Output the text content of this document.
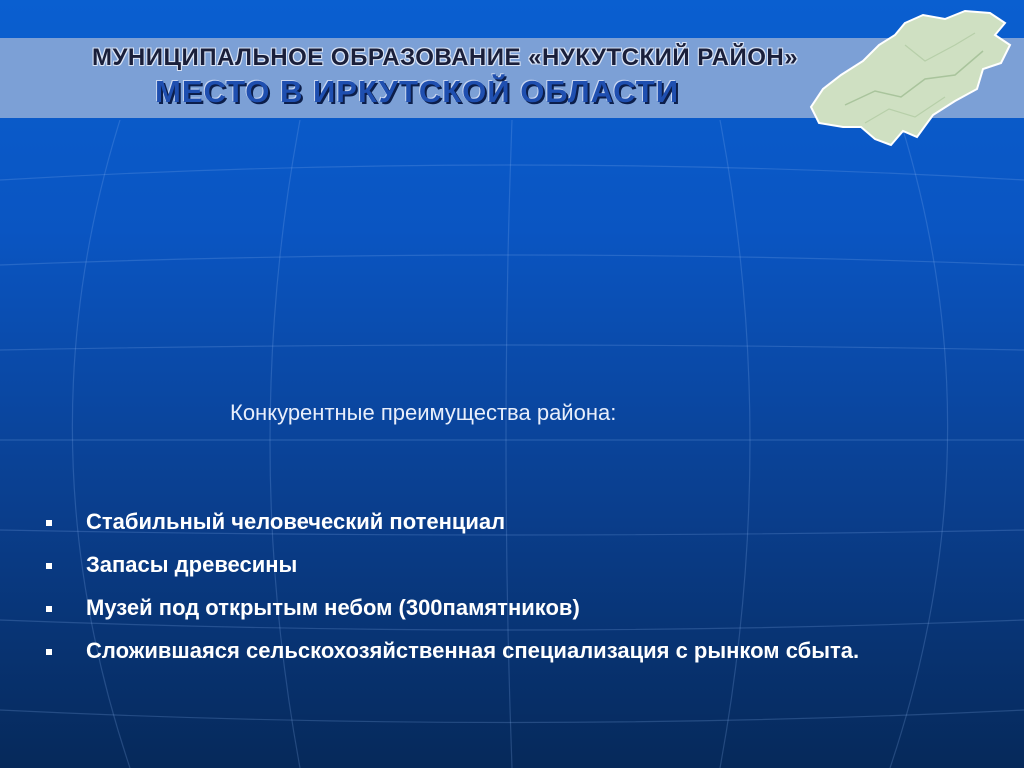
МУНИЦИПАЛЬНОЕ ОБРАЗОВАНИЕ «НУКУТСКИЙ РАЙОН»
МЕСТО В ИРКУТСКОЙ ОБЛАСТИ
Конкурентные преимущества района:
Стабильный человеческий потенциал
Запасы древесины
Музей под открытым небом (300памятников)
Сложившаяся сельскохозяйственная специализация с рынком сбыта.
